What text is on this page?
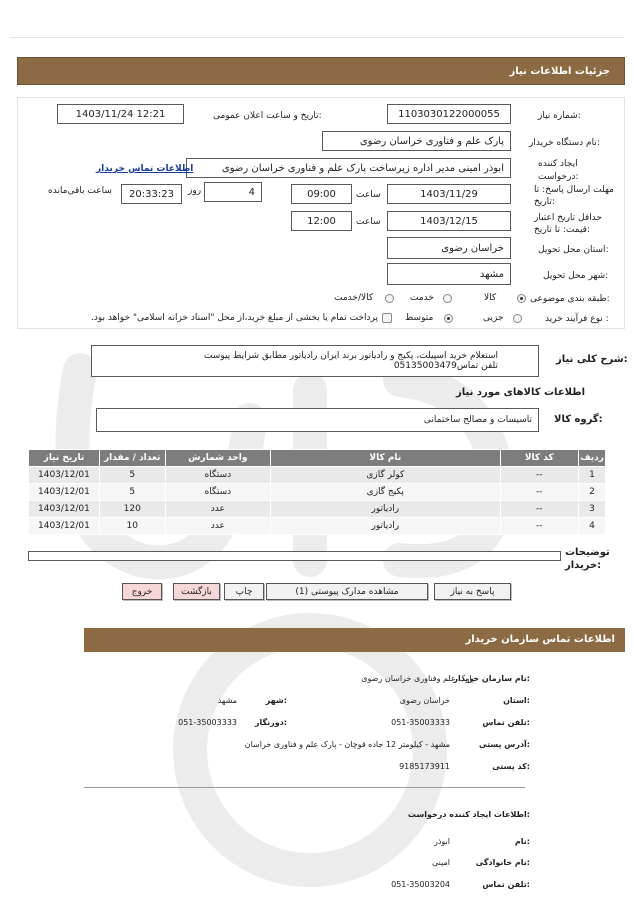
جزئیات اطلاعات نیاز
شماره نیاز:
1103030122000055
تاریخ و ساعت اعلان عمومی:
1403/11/24 12:21
نام دستگاه خریدار:
پارک علم و فناوری خراسان رضوی
ایجاد کننده درخواست:
ابوذر امینی مدیر اداره زیرساخت پارک علم و فناوری خراسان رضوی
اطلاعات تماس خریدار
مهلت ارسال پاسخ: تا تاریخ:
1403/11/29
ساعت
09:00
4
روز
20:33:23
ساعت باقی‌مانده
حداقل تاریخ اعتبار قیمت: تا تاریخ:
1403/12/15
ساعت
12:00
استان محل تحویل:
خراسان رضوی
شهر محل تحویل:
مشهد
طبقه بندی موضوعی:
کالا
خدمت
کالا/خدمت
نوع فرآیند خرید :
جزیی
متوسط
پرداخت تمام یا بخشی از مبلغ خرید،از محل "اسناد خزانه اسلامی" خواهد بود.
شرح کلی نیاز:
استعلام خرید اسپیلت، پکیج و رادیاتور برند ایران رادیاتور مطابق شرایط پیوست
تلفن تماس05135003479
اطلاعات کالاهای مورد نیاز
گروه کالا:
تاسیسات و مصالح ساختمانی
تاریخ نیاز	تعداد / مقدار	واحد شمارش	نام کالا	کد کالا	ردیف
1403/12/01	5	دستگاه	کولر گازی	--	1
1403/12/01	5	دستگاه	پکیج گازی	--	2
1403/12/01	120	عدد	رادیاتور	--	3
1403/12/01	10	عدد	رادیاتور	--	4
توضیحات خریدار:
پاسخ به نیاز
مشاهده مدارک پیوستی (1)
چاپ
بازگشت
خروج
اطلاعات تماس سازمان خریدار
نام سازمان خریدار:
پارک علم وفناوری خراسان رضوی
استان:
خراسان رضوی
شهر:
مشهد
تلفن تماس:
051-35003333
دورنگار:
051-35003333
آدرس پستی:
مشهد - کیلومتر 12 جاده قوچان - پارک علم و فناوری خراسان
کد پستی:
9185173911
اطلاعات ایجاد کننده درخواست:
نام:
ابوذر
نام خانوادگی:
امینی
تلفن تماس:
051-35003204
